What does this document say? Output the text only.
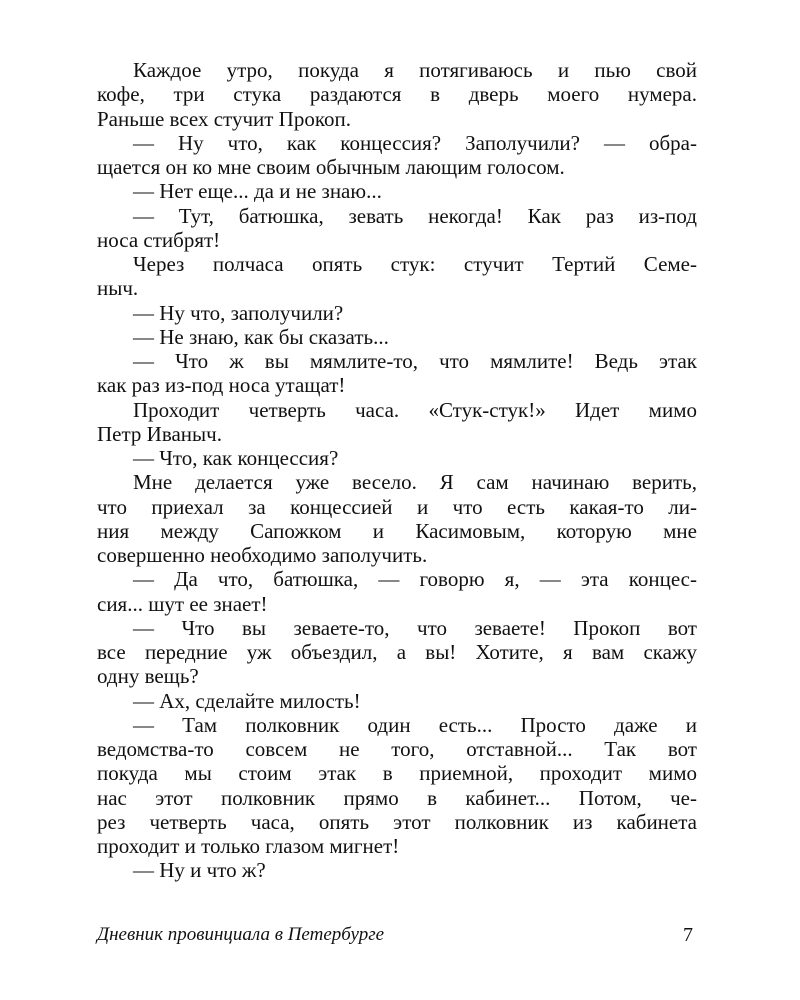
Каждое утро, покуда я потягиваюсь и пью свой
кофе, три стука раздаются в дверь моего нумера.
Раньше всех стучит Прокоп.
— Ну что, как концессия? Заполучили? — обра-
щается он ко мне своим обычным лающим голосом.
— Нет еще... да и не знаю...
— Тут, батюшка, зевать некогда! Как раз из-под
носа стибрят!
Через полчаса опять стук: стучит Тертий Семе-
ныч.
— Ну что, заполучили?
— Не знаю, как бы сказать...
— Что ж вы мямлите-то, что мямлите! Ведь этак
как раз из-под носа утащат!
Проходит четверть часа. «Стук-стук!» Идет мимо
Петр Иваныч.
— Что, как концессия?
Мне делается уже весело. Я сам начинаю верить,
что приехал за концессией и что есть какая-то ли-
ния между Сапожком и Касимовым, которую мне
совершенно необходимо заполучить.
— Да что, батюшка, — говорю я, — эта концес-
сия... шут ее знает!
— Что вы зеваете-то, что зеваете! Прокоп вот
все передние уж объездил, а вы! Хотите, я вам скажу
одну вещь?
— Ах, сделайте милость!
— Там полковник один есть... Просто даже и
ведомства-то совсем не того, отставной... Так вот
покуда мы стоим этак в приемной, проходит мимо
нас этот полковник прямо в кабинет... Потом, че-
рез четверть часа, опять этот полковник из кабинета
проходит и только глазом мигнет!
— Ну и что ж?
Дневник провинциала в Петербурге	7
